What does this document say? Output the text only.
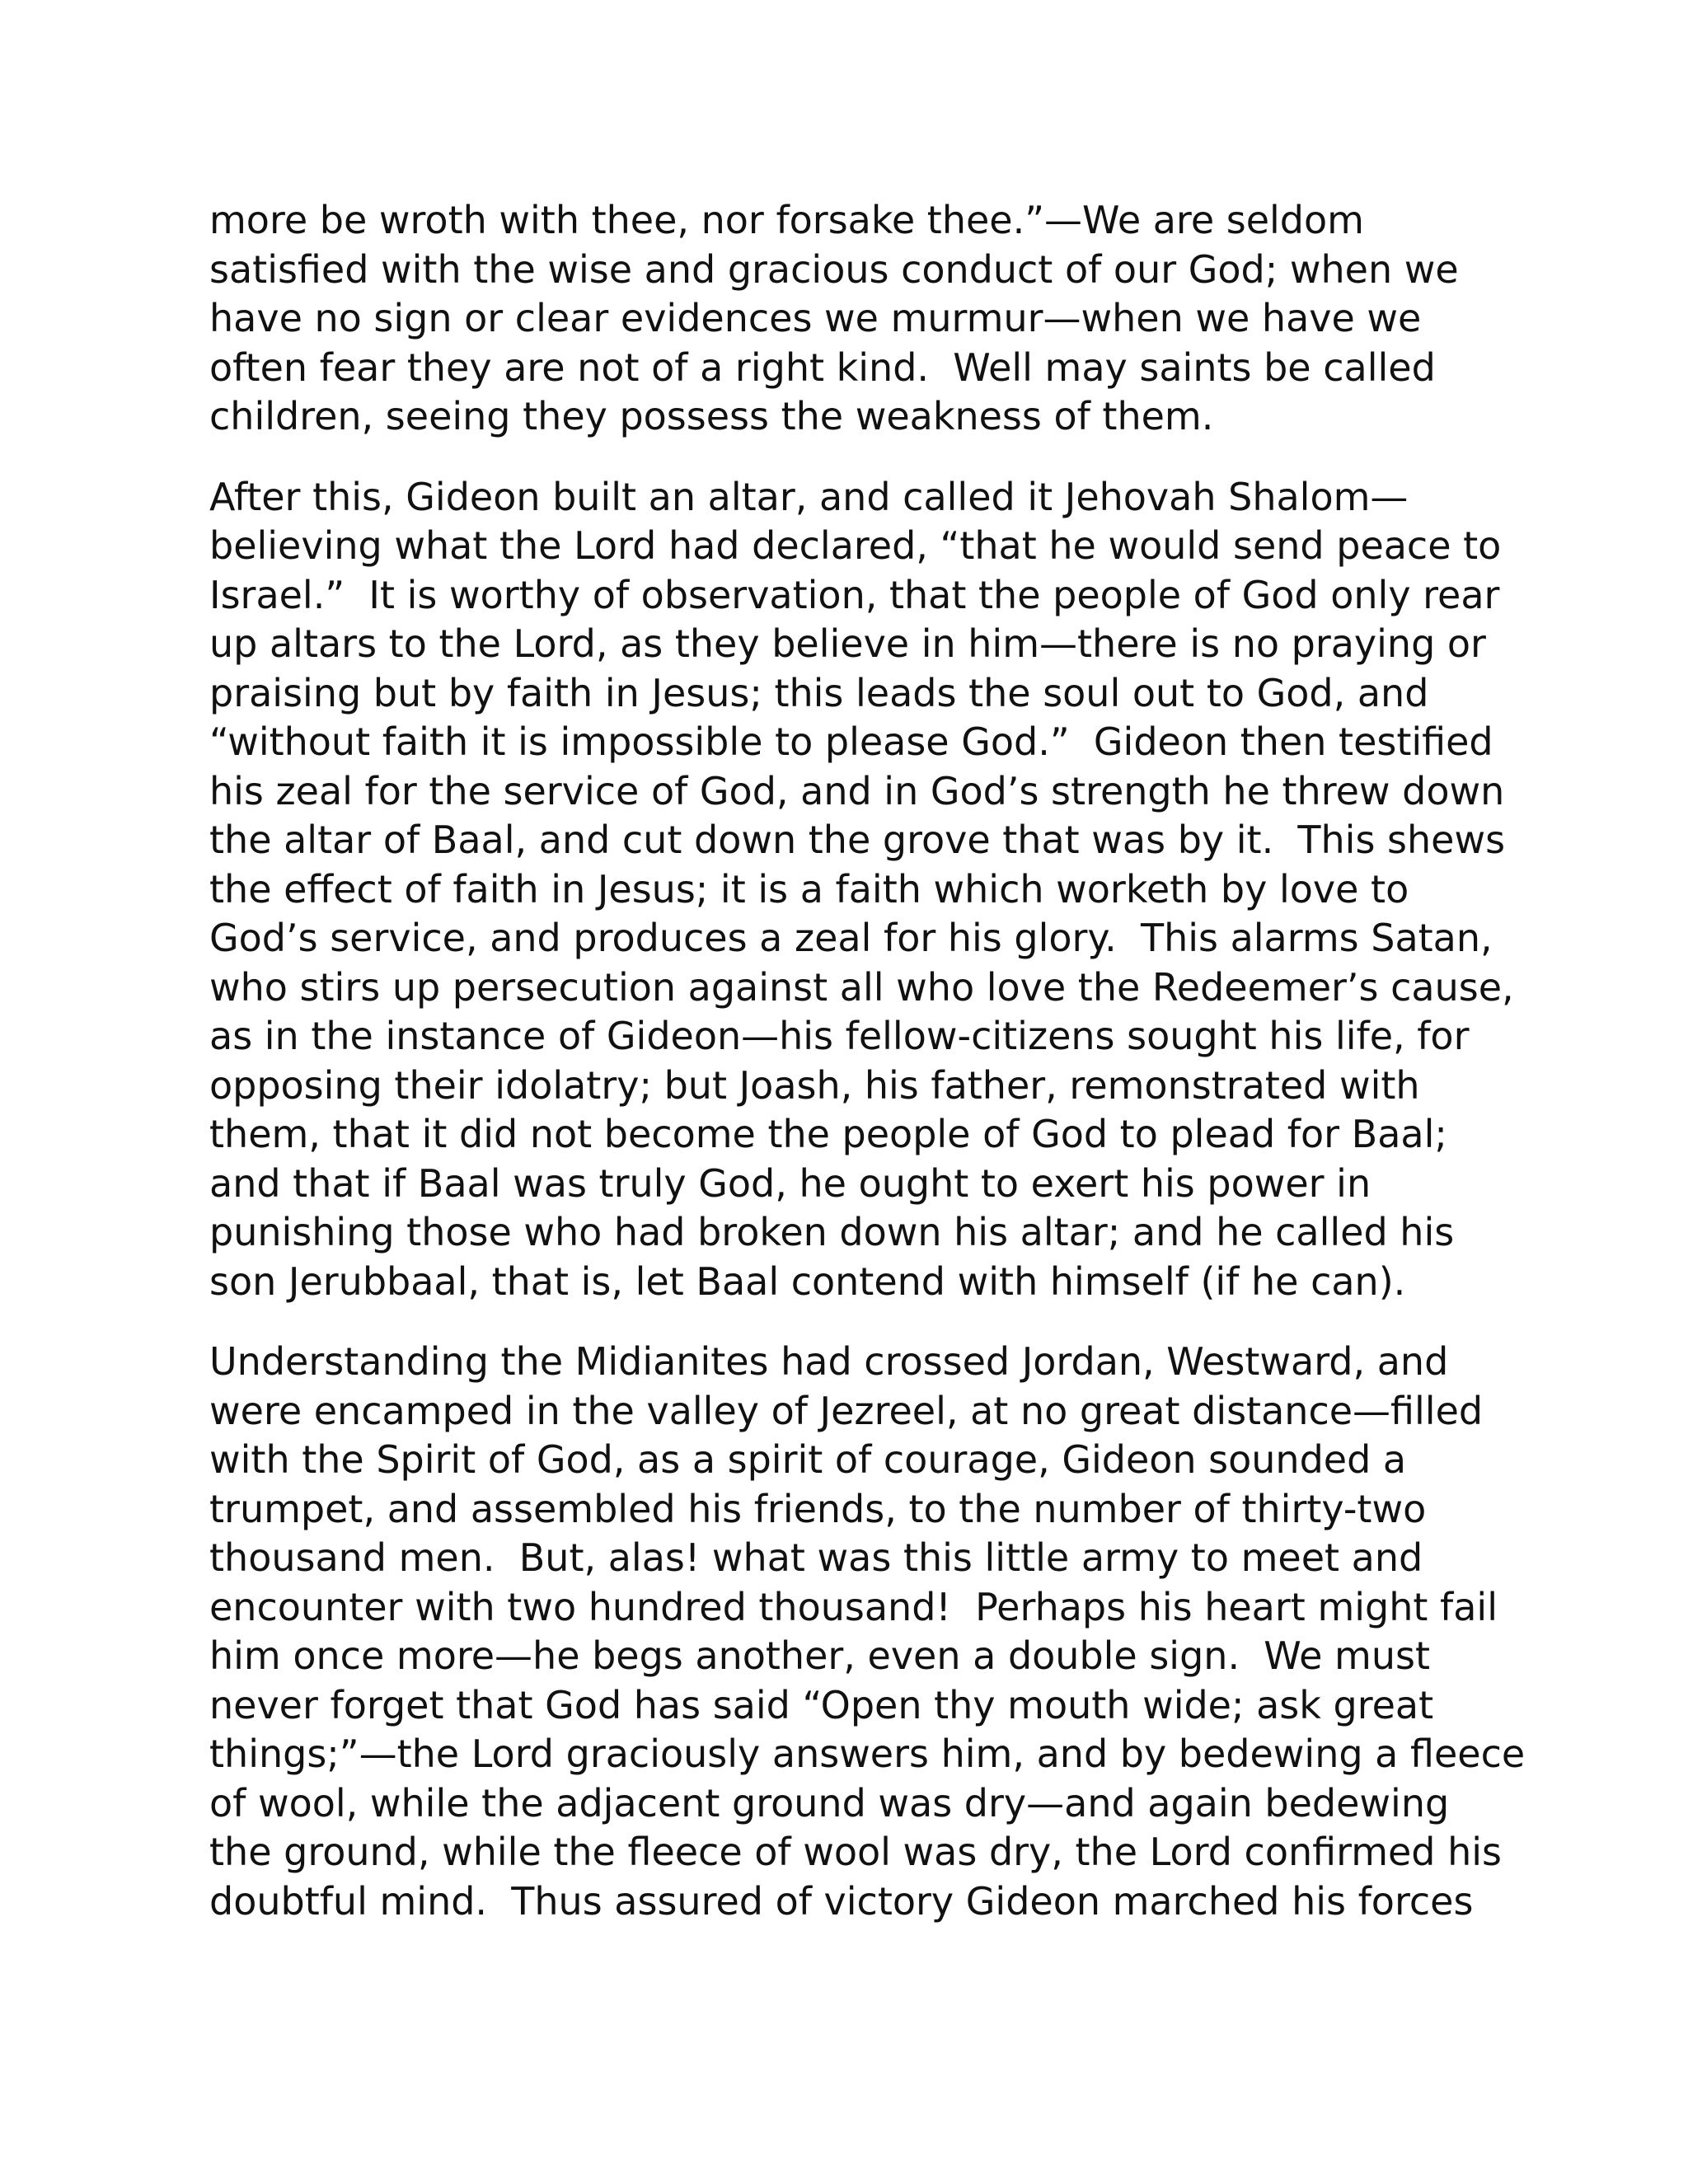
more be wroth with thee, nor forsake thee.”—We are seldom
satisfied with the wise and gracious conduct of our God; when we
have no sign or clear evidences we murmur—when we have we
often fear they are not of a right kind.  Well may saints be called
children, seeing they possess the weakness of them.

After this, Gideon built an altar, and called it Jehovah Shalom—
believing what the Lord had declared, “that he would send peace to
Israel.”  It is worthy of observation, that the people of God only rear
up altars to the Lord, as they believe in him—there is no praying or
praising but by faith in Jesus; this leads the soul out to God, and
“without faith it is impossible to please God.”  Gideon then testified
his zeal for the service of God, and in God’s strength he threw down
the altar of Baal, and cut down the grove that was by it.  This shews
the effect of faith in Jesus; it is a faith which worketh by love to
God’s service, and produces a zeal for his glory.  This alarms Satan,
who stirs up persecution against all who love the Redeemer’s cause,
as in the instance of Gideon—his fellow-citizens sought his life, for
opposing their idolatry; but Joash, his father, remonstrated with
them, that it did not become the people of God to plead for Baal;
and that if Baal was truly God, he ought to exert his power in
punishing those who had broken down his altar; and he called his
son Jerubbaal, that is, let Baal contend with himself (if he can).

Understanding the Midianites had crossed Jordan, Westward, and
were encamped in the valley of Jezreel, at no great distance—filled
with the Spirit of God, as a spirit of courage, Gideon sounded a
trumpet, and assembled his friends, to the number of thirty-two
thousand men.  But, alas! what was this little army to meet and
encounter with two hundred thousand!  Perhaps his heart might fail
him once more—he begs another, even a double sign.  We must
never forget that God has said “Open thy mouth wide; ask great
things;”—the Lord graciously answers him, and by bedewing a fleece
of wool, while the adjacent ground was dry—and again bedewing
the ground, while the fleece of wool was dry, the Lord confirmed his
doubtful mind.  Thus assured of victory Gideon marched his forces
